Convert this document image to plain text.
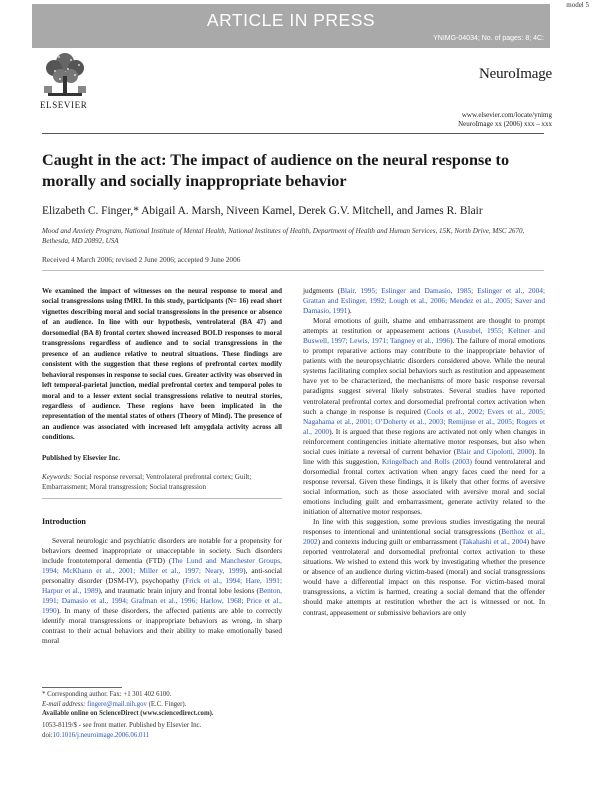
model 5
ARTICLE IN PRESS
YNIMG-04034; No. of pages: 8; 4C:
ELSEVIER
NeuroImage
www.elsevier.com/locate/ynimg
NeuroImage xx (2006) xxx – xxx
Caught in the act: The impact of audience on the neural response to morally and socially inappropriate behavior
Elizabeth C. Finger,* Abigail A. Marsh, Niveen Kamel, Derek G.V. Mitchell, and James R. Blair
Mood and Anxiety Program, National Institute of Mental Health, National Institutes of Health, Department of Health and Human Services, 15K, North Drive, MSC 2670, Bethesda, MD 20892, USA
Received 4 March 2006; revised 2 June 2006; accepted 9 June 2006
We examined the impact of witnesses on the neural response to moral and social transgressions using fMRI. In this study, participants (N= 16) read short vignettes describing moral and social transgressions in the presence or absence of an audience. In line with our hypothesis, ventrolateral (BA 47) and dorsomedial (BA 8) frontal cortex showed increased BOLD responses to moral transgressions regardless of audience and to social transgressions in the presence of an audience relative to neutral situations. These findings are consistent with the suggestion that these regions of prefrontal cortex modify behavioral responses in response to social cues. Greater activity was observed in left temporal-parietal junction, medial prefrontal cortex and temporal poles to moral and to a lesser extent social transgressions relative to neutral stories, regardless of audience. These regions have been implicated in the representation of the mental states of others (Theory of Mind). The presence of an audience was associated with increased left amygdala activity across all conditions.
Published by Elsevier Inc.
Keywords: Social response reversal; Ventrolateral prefrontal cortex; Guilt; Embarrassment; Moral transgression; Social transgression
Introduction

Several neurologic and psychiatric disorders are notable for a propensity for behaviors deemed inappropriate or unacceptable in society. Such disorders include frontotemporal dementia (FTD) (The Lund and Manchester Groups, 1994; McKhann et al., 2001; Miller et al., 1997; Neary, 1999), anti-social personality disorder (DSM-IV), psychopathy (Frick et al., 1994; Hare, 1991; Harpur et al., 1989), and traumatic brain injury and frontal lobe lesions (Benton, 1991; Damasio et al., 1994; Grafman et al., 1996; Harlow, 1968; Price et al., 1990). In many of these disorders, the affected patients are able to correctly identify moral transgressions or inappropriate behaviors as wrong, in sharp contrast to their actual behaviors and their ability to make emotionally based moral

* Corresponding author. Fax: +1 301 402 6100.
E-mail address: fingere@mail.nih.gov (E.C. Finger).
Available online on ScienceDirect (www.sciencedirect.com).
1053-8119/$ - see front matter. Published by Elsevier Inc.
doi:10.1016/j.neuroimage.2006.06.011

judgments (Blair, 1995; Eslinger and Damasio, 1985; Eslinger et al., 2004; Grattan and Eslinger, 1992; Lough et al., 2006; Mendez et al., 2005; Saver and Damasio, 1991).

Moral emotions of guilt, shame and embarrassment are thought to prompt attempts at restitution or appeasement actions (Ausubel, 1955; Keltner and Buswell, 1997; Lewis, 1971; Tangney et al., 1996). The failure of moral emotions to prompt reparative actions may contribute to the inappropriate behavior of patients with the neuropsychiatric disorders considered above. While the neural systems facilitating complex social behaviors such as restitution and appeasement have yet to be characterized, the mechanisms of more basic response reversal paradigms suggest several likely substrates. Several studies have reported ventrolateral prefrontal cortex and dorsomedial prefrontal cortex activation when such a change in response is required (Cools et al., 2002; Evers et al., 2005; Nagahama et al., 2001; O’Doherty et al., 2003; Remijnse et al., 2005; Rogers et al., 2000). It is argued that these regions are activated not only when changes in reinforcement contingencies initiate alternative motor responses, but also when social cues initiate a reversal of current behavior (Blair and Cipolotti, 2000). In line with this suggestion, Kringelbach and Rolls (2003) found ventrolateral and dorsomedial frontal cortex activation when angry faces cued the need for a response reversal. Given these findings, it is likely that other forms of aversive social information, such as those associated with aversive moral and social emotions including guilt and embarrassment, generate activity related to the initiation of alternative motor responses.

In line with this suggestion, some previous studies investigating the neural responses to intentional and unintentional social transgressions (Berthoz et al., 2002) and contexts inducing guilt or embarrassment (Takahashi et al., 2004) have reported ventrolateral and dorsomedial prefrontal cortex activation to these situations. We wished to extend this work by investigating whether the presence or absence of an audience during victim-based (moral) and social transgressions would have a differential impact on this response. For victim-based moral transgressions, a victim is harmed, creating a social demand that the offender should make attempts at restitution whether the act is witnessed or not. In contrast, appeasement or submissive behaviors are only
